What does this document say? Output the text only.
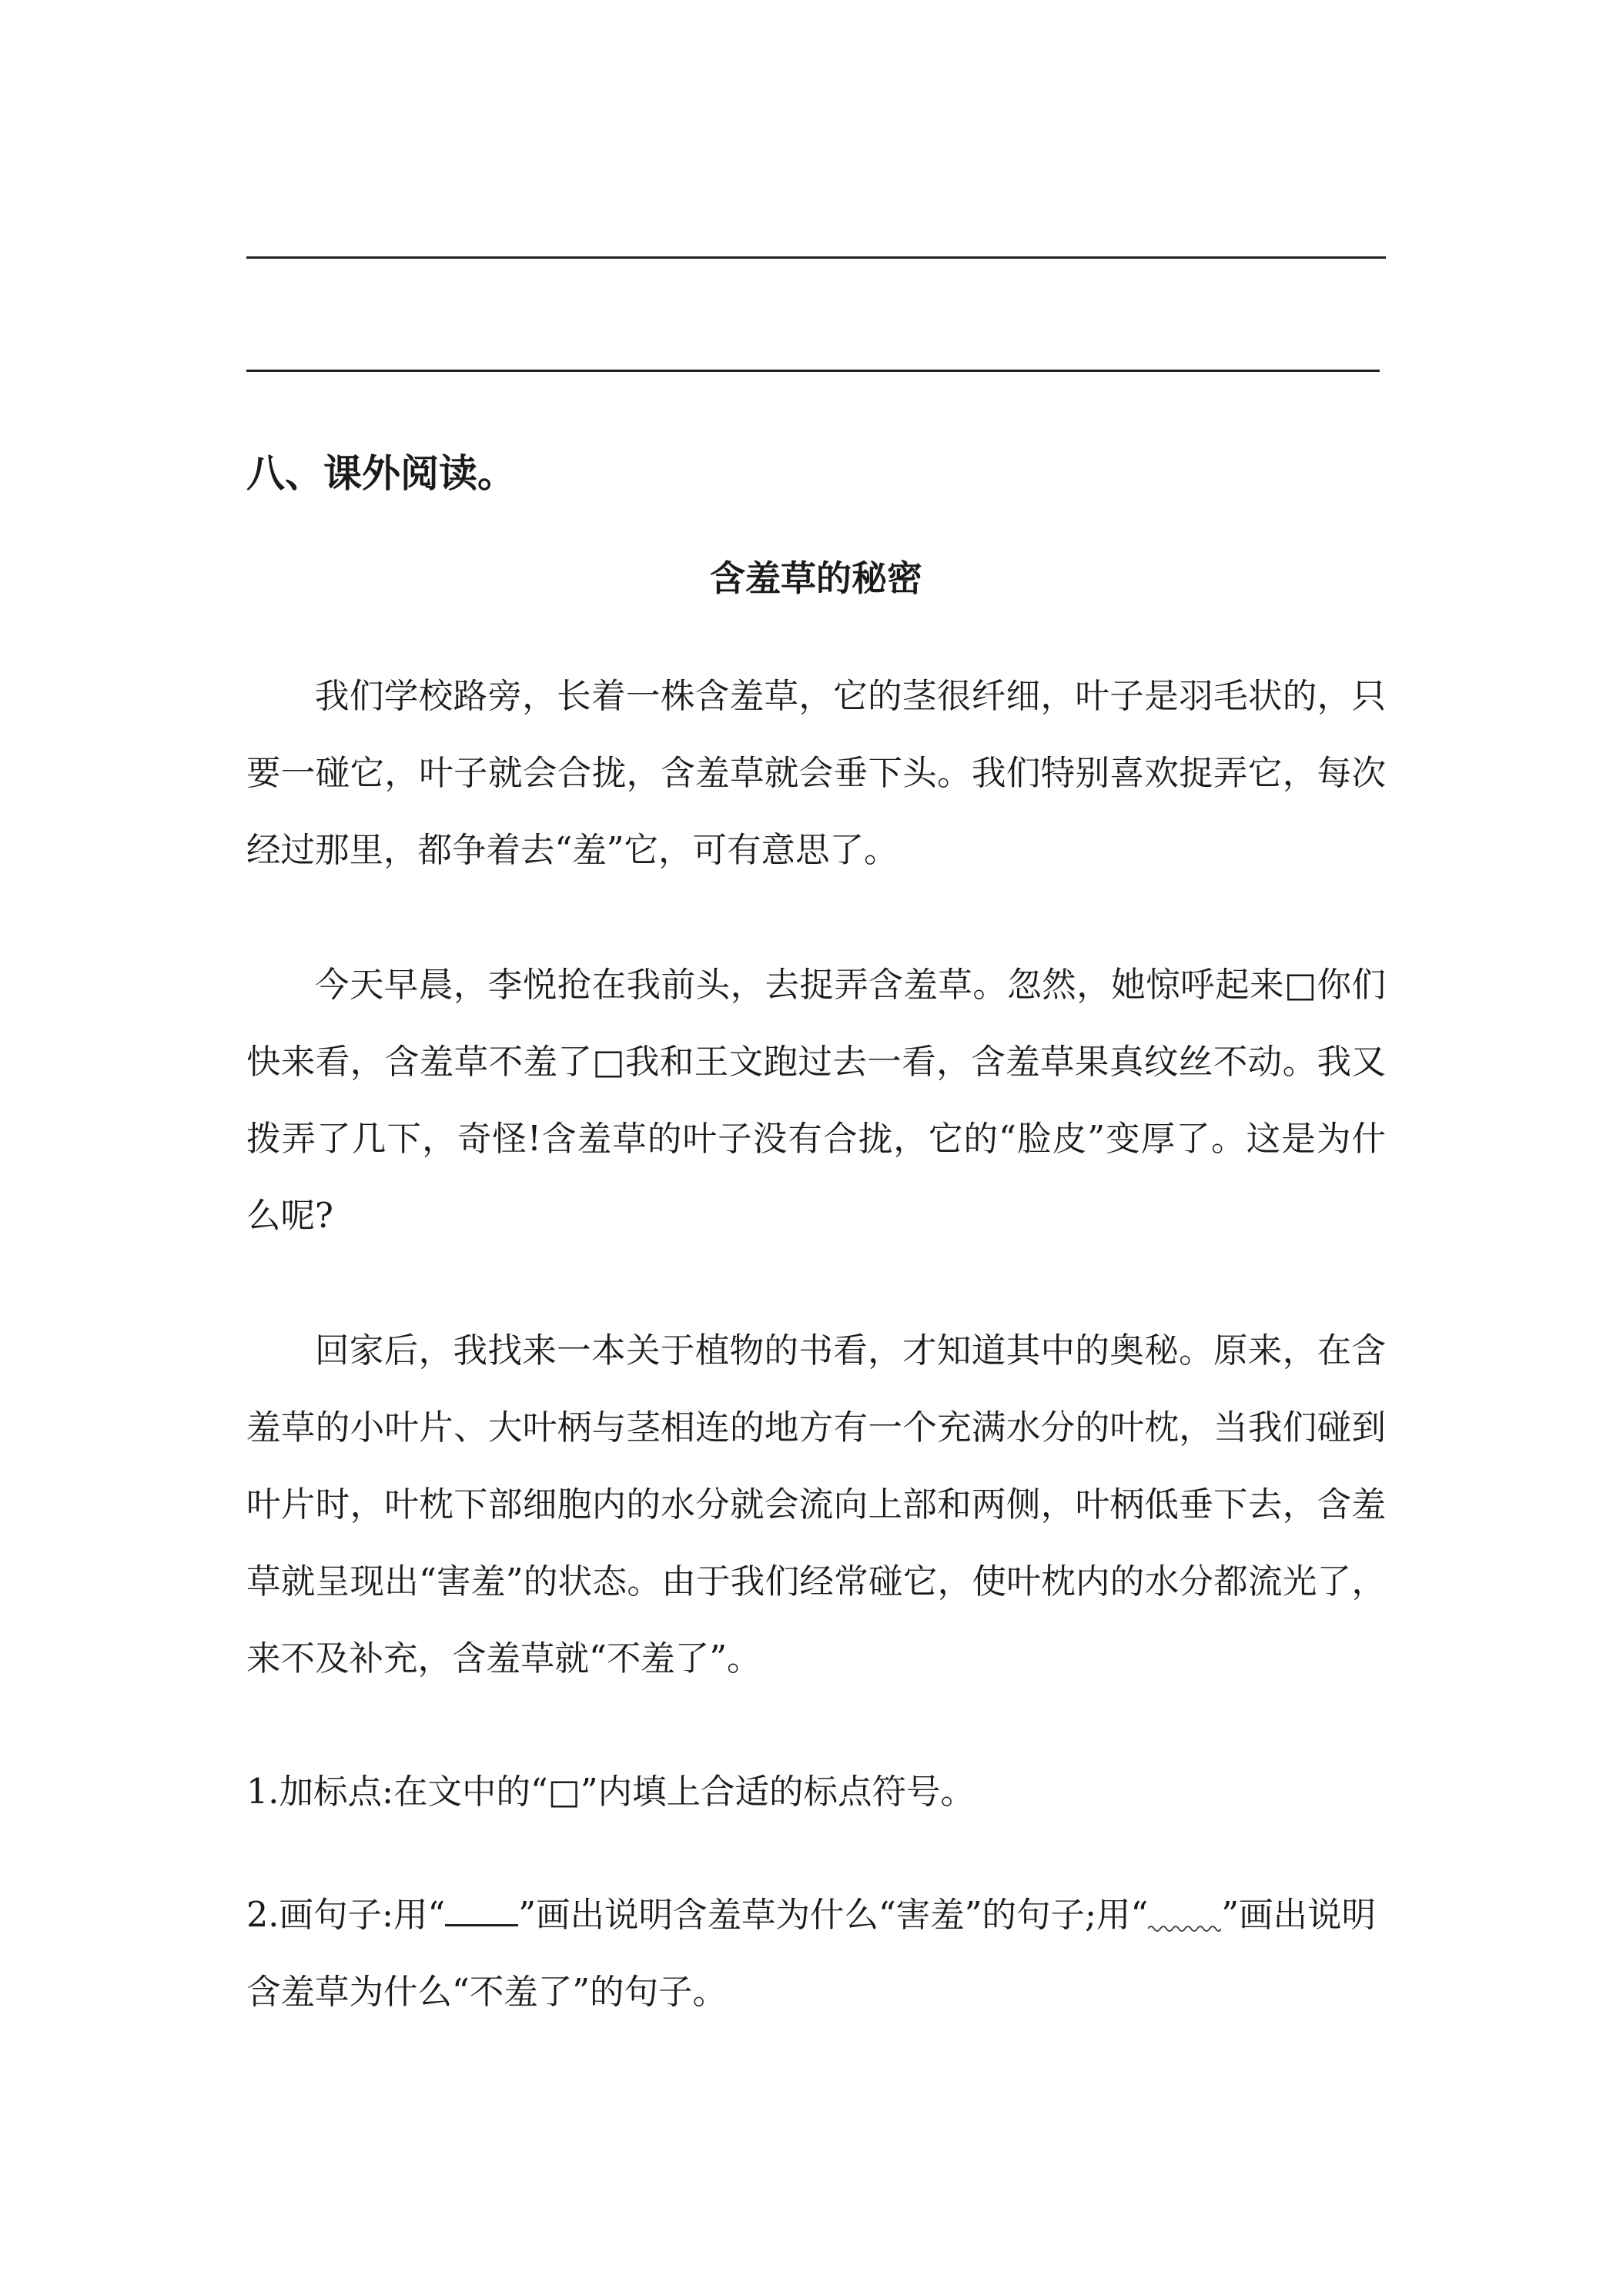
八、课外阅读。
含羞草的秘密

我们学校路旁，长着一株含羞草，它的茎很纤细，叶子是羽毛状的，只要一碰它，叶子就会合拢，含羞草就会垂下头。我们特别喜欢捉弄它，每次经过那里，都争着去“羞”它，可有意思了。

今天早晨，李悦抢在我前头，去捉弄含羞草。忽然，她惊呼起来□你们快来看，含羞草不羞了□我和王文跑过去一看，含羞草果真纹丝不动。我又拨弄了几下，奇怪!含羞草的叶子没有合拢，它的“脸皮”变厚了。这是为什么呢?

回家后，我找来一本关于植物的书看，才知道其中的奥秘。原来，在含羞草的小叶片、大叶柄与茎相连的地方有一个充满水分的叶枕，当我们碰到叶片时，叶枕下部细胞内的水分就会流向上部和两侧，叶柄低垂下去，含羞草就呈现出“害羞”的状态。由于我们经常碰它，使叶枕内的水分都流光了，来不及补充，含羞草就“不羞了”。

1.加标点:在文中的“□”内填上合适的标点符号。

2.画句子:用“ ”画出说明含羞草为什么“害羞”的句子;用“ ”画出说明含羞草为什么“不羞了”的句子。
